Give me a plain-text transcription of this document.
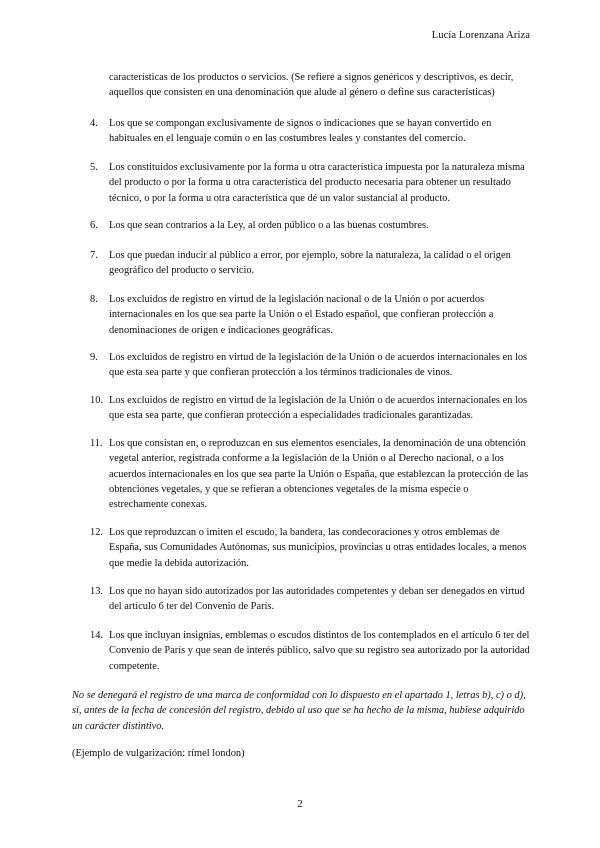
Lucía Lorenzana Ariza
características de los productos o servicios. (Se refiere a signos genéricos y descriptivos, es decir, aquellos que consisten en una denominación que alude al género o define sus características)
4.	Los que se compongan exclusivamente de signos o indicaciones que se hayan convertido en habituales en el lenguaje común o en las costumbres leales y constantes del comercio.
5.	Los constituidos exclusivamente por la forma u otra característica impuesta por la naturaleza misma del producto o por la forma u otra característica del producto necesaria para obtener un resultado técnico, o por la forma u otra característica que dé un valor sustancial al producto.
6.	Los que sean contrarios a la Ley, al orden público o a las buenas costumbres.
7.	Los que puedan inducir al público a error, por ejemplo, sobre la naturaleza, la calidad o el origen geográfico del producto o servicio.
8.	Los excluidos de registro en virtud de la legislación nacional o de la Unión o por acuerdos internacionales en los que sea parte la Unión o el Estado español, que confieran protección a denominaciones de origen e indicaciones geográficas.
9.	Los excluidos de registro en virtud de la legislación de la Unión o de acuerdos internacionales en los que esta sea parte y que confieran protección a los términos tradicionales de vinos.
10. Los excluidos de registro en virtud de la legislación de la Unión o de acuerdos internacionales en los que esta sea parte, que confieran protección a especialidades tradicionales garantizadas.
11. Los que consistan en, o reproduzcan en sus elementos esenciales, la denominación de una obtención vegetal anterior, registrada conforme a la legislación de la Unión o al Derecho nacional, o a los acuerdos internacionales en los que sea parte la Unión o España, que establezcan la protección de las obtenciones vegetales, y que se refieran a obtenciones vegetales de la misma especie o estrechamente conexas.
12. Los que reproduzcan o imiten el escudo, la bandera, las condecoraciones y otros emblemas de España, sus Comunidades Autónomas, sus municipios, provincias u otras entidades locales, a menos que medie la debida autorización.
13. Los que no hayan sido autorizados por las autoridades competentes y deban ser denegados en virtud del artículo 6 ter del Convenio de París.
14. Los que incluyan insignias, emblemas o escudos distintos de los contemplados en el artículo 6 ter del Convenio de París y que sean de interés público, salvo que su registro sea autorizado por la autoridad competente.
No se denegará el registro de una marca de conformidad con lo dispuesto en el apartado 1, letras b), c) o d), si, antes de la fecha de concesión del registro, debido al uso que se ha hecho de la misma, hubiese adquirido un carácter distintivo.
(Ejemplo de vulgarización: rímel london)
2
